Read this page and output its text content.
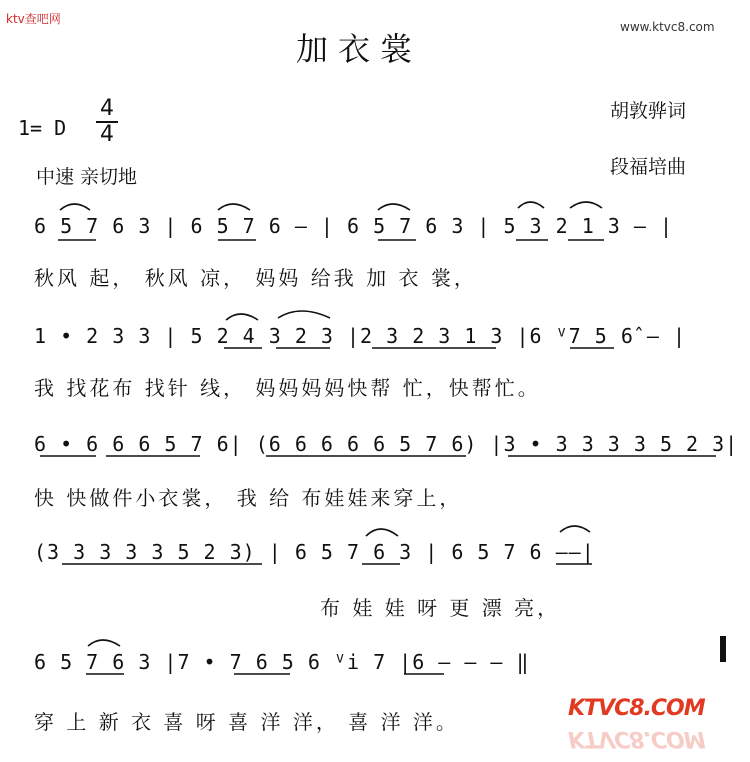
ktv查吧网
www.ktvc8.com
加衣裳
1= D
4
4
胡敦骅词
段福培曲
中速 亲切地
6 5 7 6 3 | 6 5 7 6 — | 6 5 7 6 3 | 5 3 2 1 3 — |
秋风 起， 秋风 凉， 妈妈 给我 加 衣 裳，
1 • 2 3 3 | 5 2 4 3 2 3 |2 3 2 3 1 3 |6 ⱽ7 5 6̂ — |
我 找花布 找针 线， 妈妈妈妈快帮 忙，快帮忙。
6 • 6 6 6 5 7 6| (6 6 6 6 6 5 7 6) |3 • 3 3 3 3 5 2 3|
快 快做件小衣裳， 我 给 布娃娃来穿上，
(3 3 3 3 3 5 2 3) | 6 5 7 6 3 | 6 5 7 6 ——|
布 娃 娃 呀 更 漂 亮，
6 5 7 6 3 |7 • 7 6 5 6 ⱽi 7 |6 — — — ‖
穿 上 新 衣 喜 呀 喜 洋 洋， 喜 洋 洋。
KTVC8.COM
KTVC8.COM
